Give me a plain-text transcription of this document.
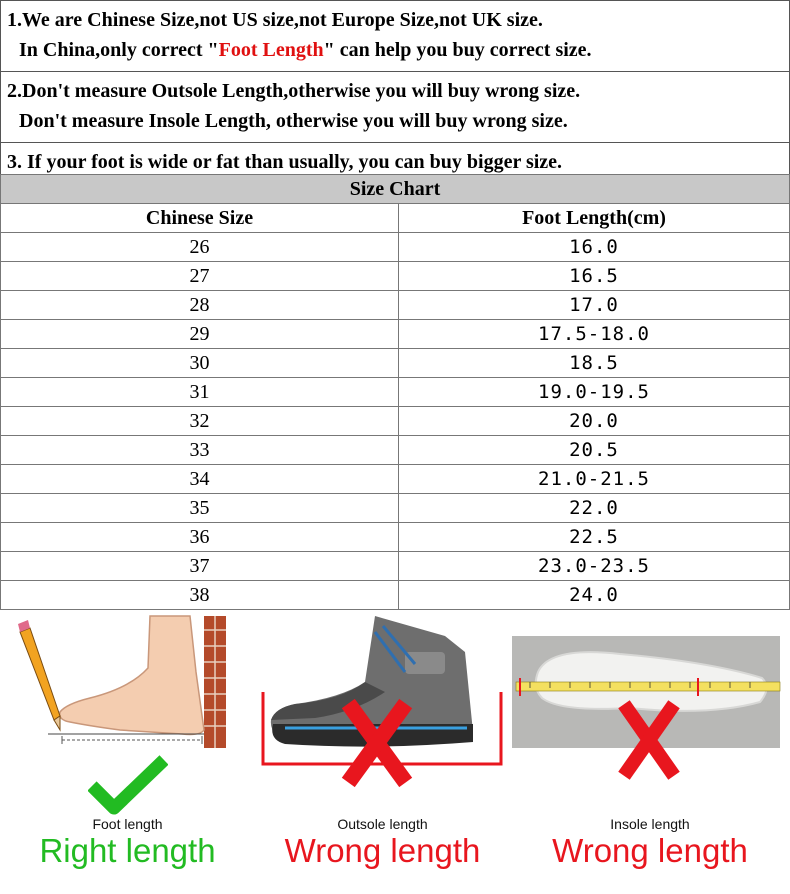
1.We are Chinese Size,not US size,not Europe Size,not UK size.
In China,only correct "Foot Length" can help you buy correct size.
2.Don't measure Outsole Length,otherwise you will buy wrong size.
Don't measure Insole Length, otherwise you will buy wrong size.
3. If your foot is wide or fat than usually, you can buy bigger size.
Size Chart	
Chinese Size	Foot Length(cm)
26	16.0
27	16.5
28	17.0
29	17.5-18.0
30	18.5
31	19.0-19.5
32	20.0
33	20.5
34	21.0-21.5
35	22.0
36	22.5
37	23.0-23.5
38	24.0
Foot length
Right length
Outsole length
Wrong length
Insole length
Wrong length
